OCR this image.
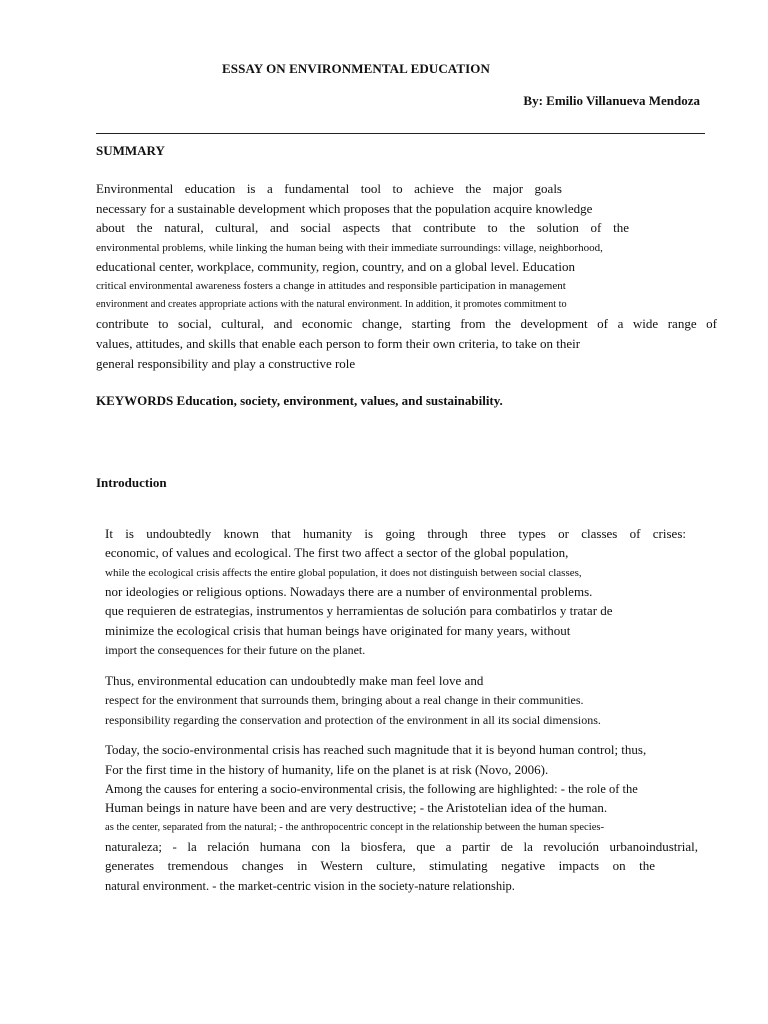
ESSAY ON ENVIRONMENTAL EDUCATION
By: Emilio Villanueva Mendoza
SUMMARY
Environmental education is a fundamental tool to achieve the major goals
necessary for a sustainable development which proposes that the population acquire knowledge
about the natural, cultural, and social aspects that contribute to the solution of the
environmental problems, while linking the human being with their immediate surroundings: village, neighborhood,
educational center, workplace, community, region, country, and on a global level. Education
critical environmental awareness fosters a change in attitudes and responsible participation in management
environment and creates appropriate actions with the natural environment. In addition, it promotes commitment to
contribute to social, cultural, and economic change, starting from the development of a wide range of
values, attitudes, and skills that enable each person to form their own criteria, to take on their
general responsibility and play a constructive role
KEYWORDS Education, society, environment, values, and sustainability.
Introduction
It is undoubtedly known that humanity is going through three types or classes of crises:
economic, of values and ecological. The first two affect a sector of the global population,
while the ecological crisis affects the entire global population, it does not distinguish between social classes,
nor ideologies or religious options. Nowadays there are a number of environmental problems.
que requieren de estrategias, instrumentos y herramientas de solución para combatirlos y tratar de
minimize the ecological crisis that human beings have originated for many years, without
import the consequences for their future on the planet.
Thus, environmental education can undoubtedly make man feel love and
respect for the environment that surrounds them, bringing about a real change in their communities.
responsibility regarding the conservation and protection of the environment in all its social dimensions.
Today, the socio-environmental crisis has reached such magnitude that it is beyond human control; thus,
For the first time in the history of humanity, life on the planet is at risk (Novo, 2006).
Among the causes for entering a socio-environmental crisis, the following are highlighted: - the role of the
Human beings in nature have been and are very destructive; - the Aristotelian idea of the human.
as the center, separated from the natural; - the anthropocentric concept in the relationship between the human species-
naturaleza; - la relación humana con la biosfera, que a partir de la revolución urbanoindustrial,
generates tremendous changes in Western culture, stimulating negative impacts on the
natural environment. - the market-centric vision in the society-nature relationship.
